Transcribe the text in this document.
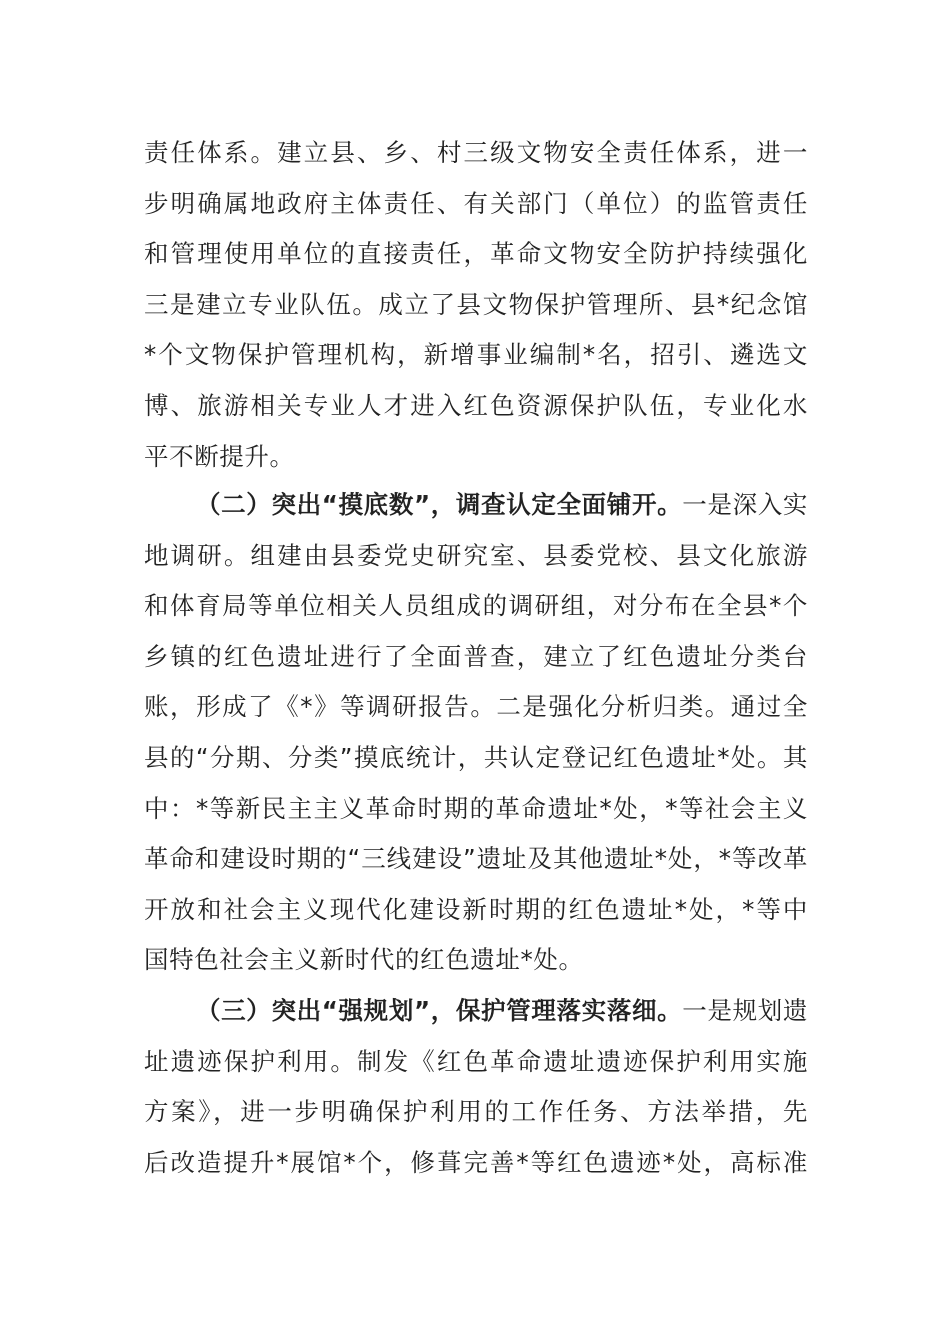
责任体系。建立县、乡、村三级文物安全责任体系，进一
步明确属地政府主体责任、有关部门（单位）的监管责任
和管理使用单位的直接责任，革命文物安全防护持续强化
三是建立专业队伍。成立了县文物保护管理所、县*纪念馆
*个文物保护管理机构，新增事业编制*名，招引、遴选文
博、旅游相关专业人才进入红色资源保护队伍，专业化水
平不断提升。
（二）突出“摸底数”，调查认定全面铺开。一是深入实
地调研。组建由县委党史研究室、县委党校、县文化旅游
和体育局等单位相关人员组成的调研组，对分布在全县*个
乡镇的红色遗址进行了全面普查，建立了红色遗址分类台
账，形成了《*》等调研报告。二是强化分析归类。通过全
县的“分期、分类”摸底统计，共认定登记红色遗址*处。其
中：*等新民主主义革命时期的革命遗址*处，*等社会主义
革命和建设时期的“三线建设”遗址及其他遗址*处，*等改革
开放和社会主义现代化建设新时期的红色遗址*处，*等中
国特色社会主义新时代的红色遗址*处。
（三）突出“强规划”，保护管理落实落细。一是规划遗
址遗迹保护利用。制发《红色革命遗址遗迹保护利用实施
方案》，进一步明确保护利用的工作任务、方法举措，先
后改造提升*展馆*个，修葺完善*等红色遗迹*处，高标准
